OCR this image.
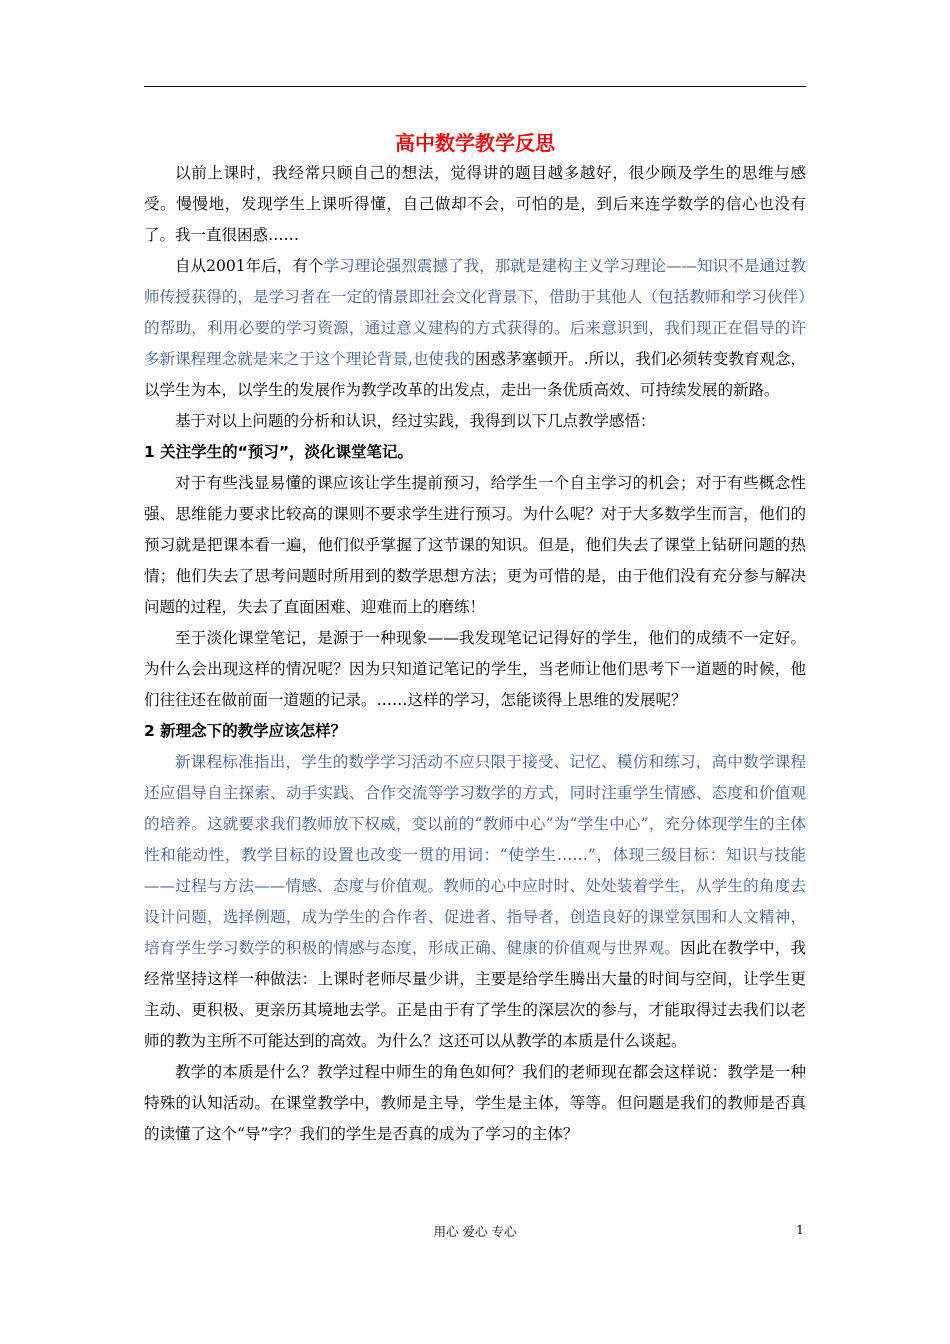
高中数学教学反思

以前上课时，我经常只顾自己的想法，觉得讲的题目越多越好，很少顾及学生的思维与感受。慢慢地，发现学生上课听得懂，自己做却不会，可怕的是，到后来连学数学的信心也没有了。我一直很困惑……

自从2001年后，有个学习理论强烈震撼了我，那就是建构主义学习理论——知识不是通过教师传授获得的，是学习者在一定的情景即社会文化背景下，借助于其他人（包括教师和学习伙伴）的帮助，利用必要的学习资源，通过意义建构的方式获得的。后来意识到，我们现正在倡导的许多新课程理念就是来之于这个理论背景,也使我的困惑茅塞顿开。.所以，我们必须转变教育观念，以学生为本，以学生的发展作为教学改革的出发点，走出一条优质高效、可持续发展的新路。

基于对以上问题的分析和认识，经过实践，我得到以下几点教学感悟：

1 关注学生的“预习”，淡化课堂笔记。

对于有些浅显易懂的课应该让学生提前预习，给学生一个自主学习的机会；对于有些概念性强、思维能力要求比较高的课则不要求学生进行预习。为什么呢？对于大多数学生而言，他们的预习就是把课本看一遍，他们似乎掌握了这节课的知识。但是，他们失去了课堂上钻研问题的热情；他们失去了思考问题时所用到的数学思想方法；更为可惜的是，由于他们没有充分参与解决问题的过程，失去了直面困难、迎难而上的磨练！

至于淡化课堂笔记，是源于一种现象——我发现笔记记得好的学生，他们的成绩不一定好。为什么会出现这样的情况呢？因为只知道记笔记的学生，当老师让他们思考下一道题的时候，他们往往还在做前面一道题的记录。……这样的学习，怎能谈得上思维的发展呢？

2 新理念下的教学应该怎样？

新课程标准指出，学生的数学学习活动不应只限于接受、记忆、模仿和练习，高中数学课程还应倡导自主探索、动手实践、合作交流等学习数学的方式，同时注重学生情感、态度和价值观的培养。这就要求我们教师放下权威，变以前的“教师中心”为“学生中心”，充分体现学生的主体性和能动性，教学目标的设置也改变一贯的用词：“使学生……”，体现三级目标：知识与技能——过程与方法——情感、态度与价值观。教师的心中应时时、处处装着学生，从学生的角度去设计问题，选择例题，成为学生的合作者、促进者、指导者，创造良好的课堂氛围和人文精神，培育学生学习数学的积极的情感与态度，形成正确、健康的价值观与世界观。因此在教学中，我经常坚持这样一种做法：上课时老师尽量少讲，主要是给学生腾出大量的时间与空间，让学生更主动、更积极、更亲历其境地去学。正是由于有了学生的深层次的参与，才能取得过去我们以老师的教为主所不可能达到的高效。为什么？这还可以从教学的本质是什么谈起。

教学的本质是什么？教学过程中师生的角色如何？我们的老师现在都会这样说：教学是一种特殊的认知活动。在课堂教学中，教师是主导，学生是主体，等等。但问题是我们的教师是否真的读懂了这个“导”字？我们的学生是否真的成为了学习的主体？

用心 爱心 专心	1
